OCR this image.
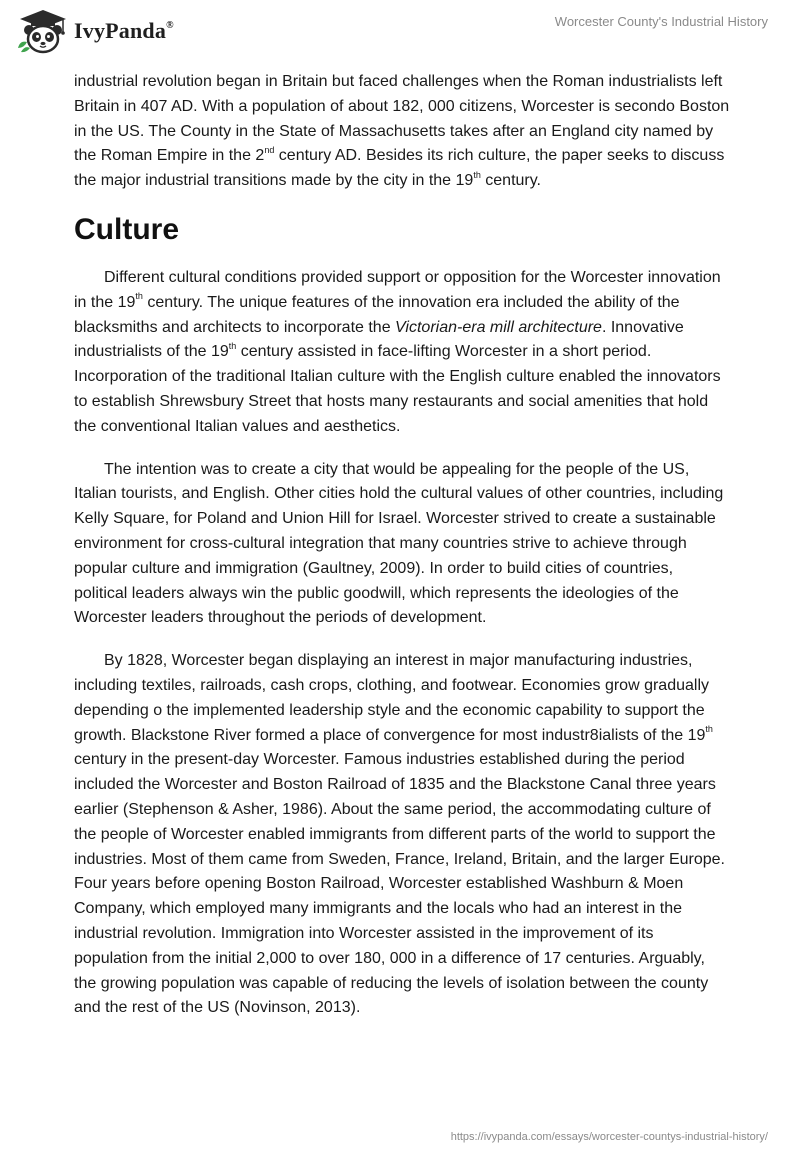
IvyPanda®	Worcester County's Industrial History

industrial revolution began in Britain but faced challenges when the Roman industrialists left Britain in 407 AD. With a population of about 182, 000 citizens, Worcester is secondo Boston in the US. The County in the State of Massachusetts takes after an England city named by the Roman Empire in the 2nd century AD. Besides its rich culture, the paper seeks to discuss the major industrial transitions made by the city in the 19th century.

Culture

Different cultural conditions provided support or opposition for the Worcester innovation in the 19th century. The unique features of the innovation era included the ability of the blacksmiths and architects to incorporate the Victorian-era mill architecture. Innovative industrialists of the 19th century assisted in face-lifting Worcester in a short period. Incorporation of the traditional Italian culture with the English culture enabled the innovators to establish Shrewsbury Street that hosts many restaurants and social amenities that hold the conventional Italian values and aesthetics.

The intention was to create a city that would be appealing for the people of the US, Italian tourists, and English. Other cities hold the cultural values of other countries, including Kelly Square, for Poland and Union Hill for Israel. Worcester strived to create a sustainable environment for cross-cultural integration that many countries strive to achieve through popular culture and immigration (Gaultney, 2009). In order to build cities of countries, political leaders always win the public goodwill, which represents the ideologies of the Worcester leaders throughout the periods of development.

By 1828, Worcester began displaying an interest in major manufacturing industries, including textiles, railroads, cash crops, clothing, and footwear. Economies grow gradually depending o the implemented leadership style and the economic capability to support the growth. Blackstone River formed a place of convergence for most industr8ialists of the 19th century in the present-day Worcester. Famous industries established during the period included the Worcester and Boston Railroad of 1835 and the Blackstone Canal three years earlier (Stephenson & Asher, 1986). About the same period, the accommodating culture of the people of Worcester enabled immigrants from different parts of the world to support the industries. Most of them came from Sweden, France, Ireland, Britain, and the larger Europe. Four years before opening Boston Railroad, Worcester established Washburn & Moen Company, which employed many immigrants and the locals who had an interest in the industrial revolution. Immigration into Worcester assisted in the improvement of its population from the initial 2,000 to over 180, 000 in a difference of 17 centuries. Arguably, the growing population was capable of reducing the levels of isolation between the county and the rest of the US (Novinson, 2013).

https://ivypanda.com/essays/worcester-countys-industrial-history/
